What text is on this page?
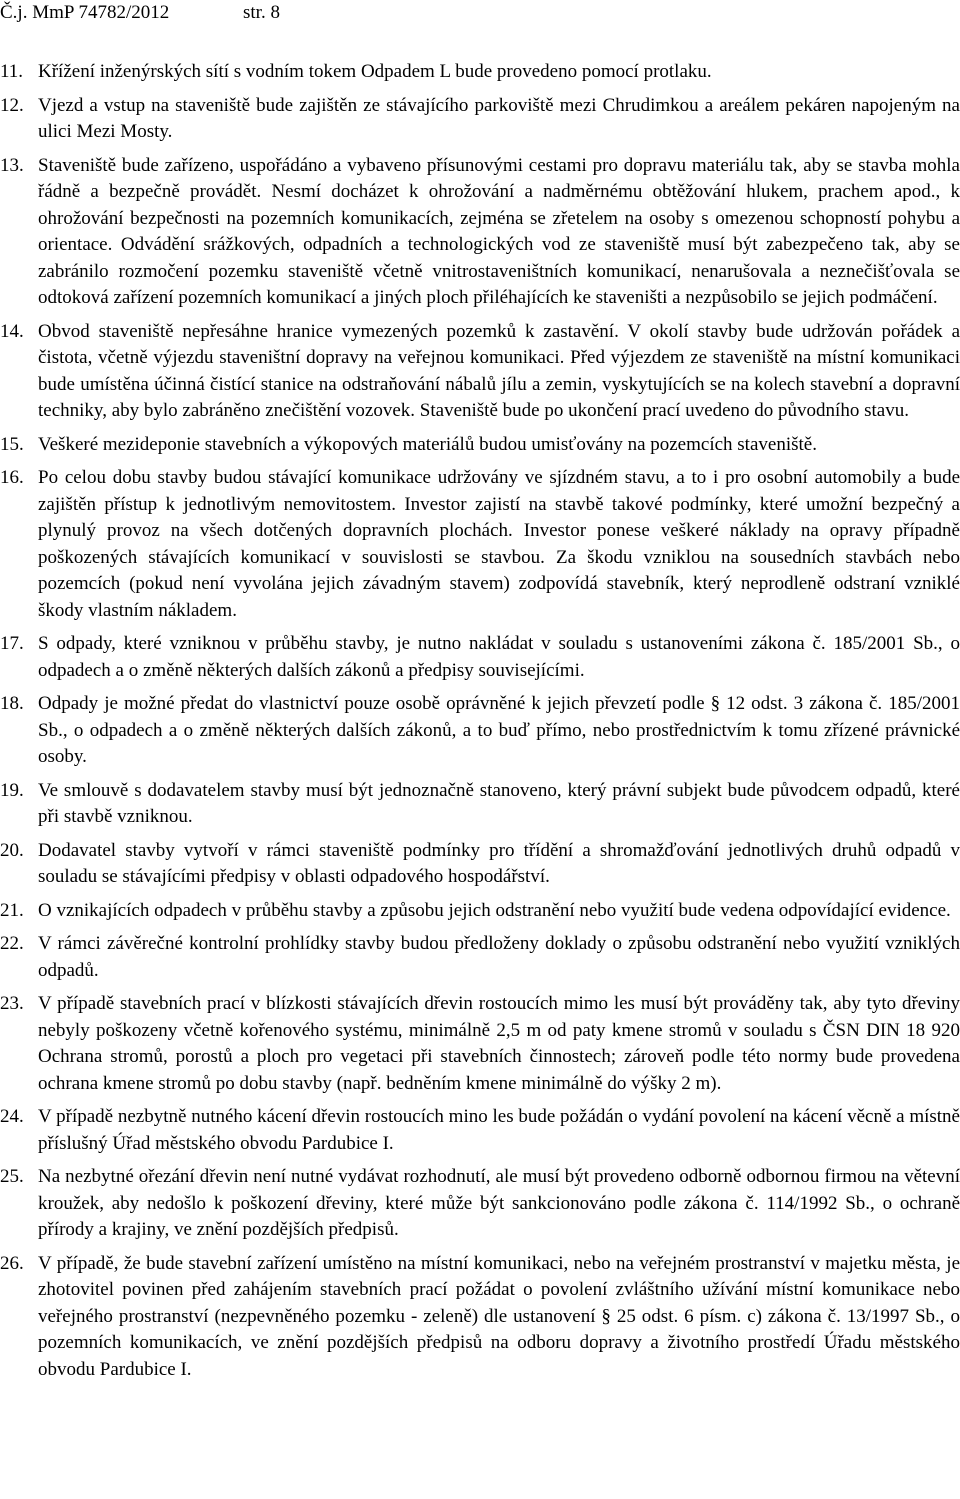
Č.j. MmP 74782/2012	str. 8
11. Křížení inženýrských sítí s vodním tokem Odpadem L bude provedeno pomocí protlaku.
12. Vjezd a vstup na staveniště bude zajištěn ze stávajícího parkoviště mezi Chrudimkou a areálem pekáren napojeným na ulici Mezi Mosty.
13. Staveniště bude zařízeno, uspořádáno a vybaveno přísunovými cestami pro dopravu materiálu tak, aby se stavba mohla řádně a bezpečně provádět. Nesmí docházet k ohrožování a nadměrnému obtěžování hlukem, prachem apod., k ohrožování bezpečnosti na pozemních komunikacích, zejména se zřetelem na osoby s omezenou schopností pohybu a orientace. Odvádění srážkových, odpadních a technologických vod ze staveniště musí být zabezpečeno tak, aby se zabránilo rozmočení pozemku staveniště včetně vnitrostaveništních komunikací, nenarušovala a neznečišťovala se odtoková zařízení pozemních komunikací a jiných ploch přiléhajících ke staveništi a nezpůsobilo se jejich podmáčení.
14. Obvod staveniště nepřesáhne hranice vymezených pozemků k zastavění. V okolí stavby bude udržován pořádek a čistota, včetně výjezdu staveništní dopravy na veřejnou komunikaci. Před výjezdem ze staveniště na místní komunikaci bude umístěna účinná čistící stanice na odstraňování nábalů jílu a zemin, vyskytujících se na kolech stavební a dopravní techniky, aby bylo zabráněno znečištění vozovek. Staveniště bude po ukončení prací uvedeno do původního stavu.
15. Veškeré mezideponie stavebních a výkopových materiálů budou umisťovány na pozemcích staveniště.
16. Po celou dobu stavby budou stávající komunikace udržovány ve sjízdném stavu, a to i pro osobní automobily a bude zajištěn přístup k jednotlivým nemovitostem. Investor zajistí na stavbě takové podmínky, které umožní bezpečný a plynulý provoz na všech dotčených dopravních plochách. Investor ponese veškeré náklady na opravy případně poškozených stávajících komunikací v souvislosti se stavbou. Za škodu vzniklou na sousedních stavbách nebo pozemcích (pokud není vyvolána jejich závadným stavem) zodpovídá stavebník, který neprodleně odstraní vzniklé škody vlastním nákladem.
17. S odpady, které vzniknou v průběhu stavby, je nutno nakládat v souladu s ustanoveními zákona č. 185/2001 Sb., o odpadech a o změně některých dalších zákonů a předpisy souvisejícími.
18. Odpady je možné předat do vlastnictví pouze osobě oprávněné k jejich převzetí podle § 12 odst. 3 zákona č. 185/2001 Sb., o odpadech a o změně některých dalších zákonů, a to buď přímo, nebo prostřednictvím k tomu zřízené právnické osoby.
19. Ve smlouvě s dodavatelem stavby musí být jednoznačně stanoveno, který právní subjekt bude původcem odpadů, které při stavbě vzniknou.
20. Dodavatel stavby vytvoří v rámci staveniště podmínky pro třídění a shromažďování jednotlivých druhů odpadů v souladu se stávajícími předpisy v oblasti odpadového hospodářství.
21. O vznikajících odpadech v průběhu stavby a způsobu jejich odstranění nebo využití bude vedena odpovídající evidence.
22. V rámci závěrečné kontrolní prohlídky stavby budou předloženy doklady o způsobu odstranění nebo využití vzniklých odpadů.
23. V případě stavebních prací v blízkosti stávajících dřevin rostoucích mimo les musí být prováděny tak, aby tyto dřeviny nebyly poškozeny včetně kořenového systému, minimálně 2,5 m od paty kmene stromů v souladu s ČSN DIN 18 920 Ochrana stromů, porostů a ploch pro vegetaci při stavebních činnostech; zároveň podle této normy bude provedena ochrana kmene stromů po dobu stavby (např. bedněním kmene minimálně do výšky 2 m).
24. V případě nezbytně nutného kácení dřevin rostoucích mino les bude požádán o vydání povolení na kácení věcně a místně příslušný Úřad městského obvodu Pardubice I.
25. Na nezbytné ořezání dřevin není nutné vydávat rozhodnutí, ale musí být provedeno odborně odbornou firmou na větevní kroužek, aby nedošlo k poškození dřeviny, které může být sankcionováno podle zákona č. 114/1992 Sb., o ochraně přírody a krajiny, ve znění pozdějších předpisů.
26. V případě, že bude stavební zařízení umístěno na místní komunikaci, nebo na veřejném prostranství v majetku města, je zhotovitel povinen před zahájením stavebních prací požádat o povolení zvláštního užívání místní komunikace nebo veřejného prostranství (nezpevněného pozemku - zeleně) dle ustanovení § 25 odst. 6 písm. c) zákona č. 13/1997 Sb., o pozemních komunikacích, ve znění pozdějších předpisů na odboru dopravy a životního prostředí Úřadu městského obvodu Pardubice I.
